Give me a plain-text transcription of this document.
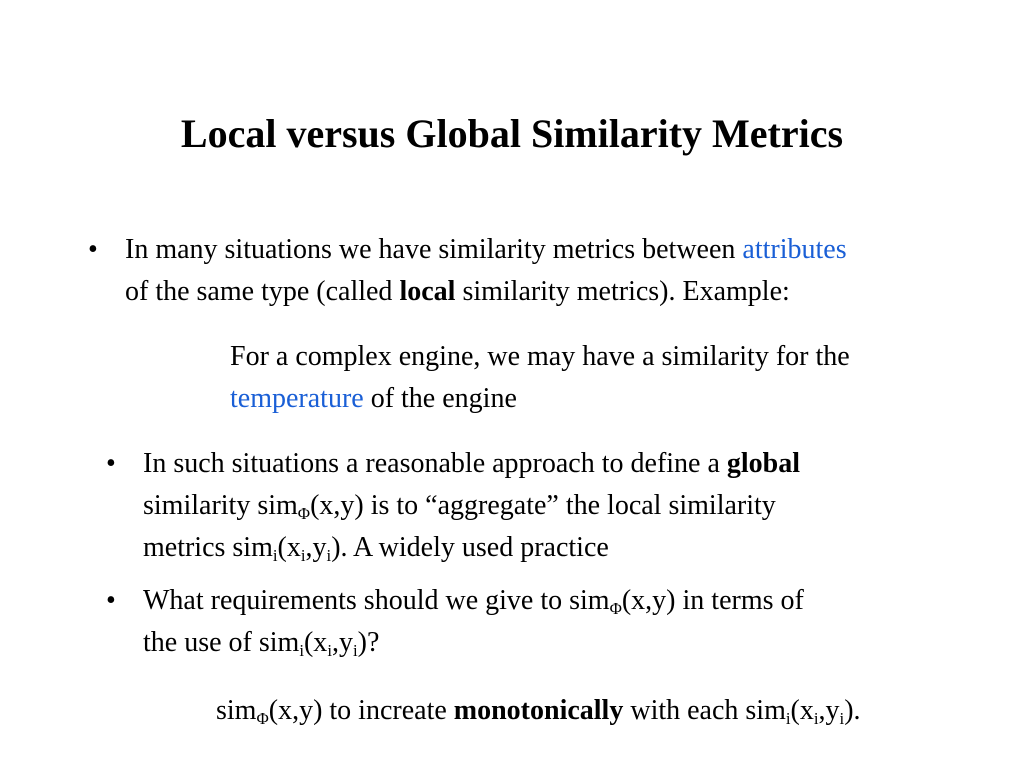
Local versus Global Similarity Metrics
• In many situations we have similarity metrics between attributes
of the same type (called local similarity metrics). Example:
For a complex engine, we may have a similarity for the
temperature of the engine
• In such situations a reasonable approach to define a global
similarity sim$_\Phi$(x,y) is to “aggregate” the local similarity
metrics $sim_i(x_i,y_i)$. A widely used practice
• What requirements should we give to sim$_\Phi$(x,y) in terms of
the use of $sim_i(x_i,y_i)$?
sim$_\Phi$(x,y) to increate monotonically with each $sim_i(x_i,y_i)$.
